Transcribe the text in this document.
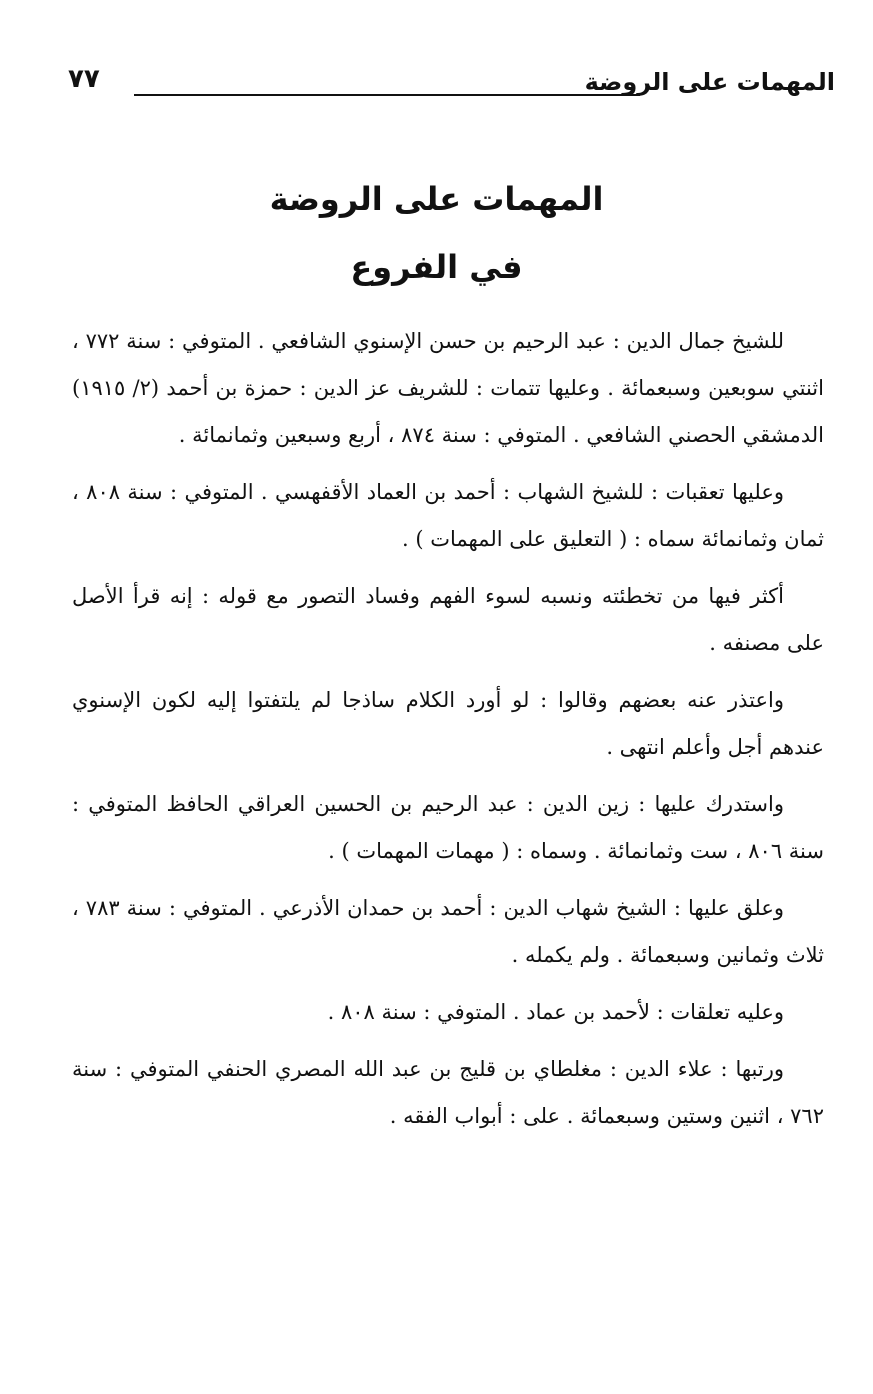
المهمات على الروضة
٧٧
المهمات على الروضة
في الفروع

للشيخ جمال الدين : عبد الرحيم بن حسن الإسنوي الشافعي . المتوفي : سنة ٧٧٢ ، اثنتي سوبعين وسبعمائة . وعليها تتمات : للشريف عز الدين : حمزة بن أحمد (٢/ ١٩١٥) الدمشقي الحصني الشافعي . المتوفي : سنة ٨٧٤ ، أربع وسبعين وثمانمائة .

وعليها تعقبات : للشيخ الشهاب : أحمد بن العماد الأقفهسي . المتوفي : سنة ٨٠٨ ، ثمان وثمانمائة سماه : ( التعليق على المهمات ) .

أكثر فيها من تخطئته ونسبه لسوء الفهم وفساد التصور مع قوله : إنه قرأ الأصل على مصنفه .

واعتذر عنه بعضهم وقالوا : لو أورد الكلام ساذجا لم يلتفتوا إليه لكون الإسنوي عندهم أجل وأعلم انتهى .

واستدرك عليها : زين الدين : عبد الرحيم بن الحسين العراقي الحافظ المتوفي : سنة ٨٠٦ ، ست وثمانمائة . وسماه : ( مهمات المهمات ) .

وعلق عليها : الشيخ شهاب الدين : أحمد بن حمدان الأذرعي . المتوفي : سنة ٧٨٣ ، ثلاث وثمانين وسبعمائة . ولم يكمله .

وعليه تعلقات : لأحمد بن عماد . المتوفي : سنة ٨٠٨ .

ورتبها : علاء الدين : مغلطاي بن قليج بن عبد الله المصري الحنفي المتوفي : سنة ٧٦٢ ، اثنين وستين وسبعمائة . على : أبواب الفقه .
